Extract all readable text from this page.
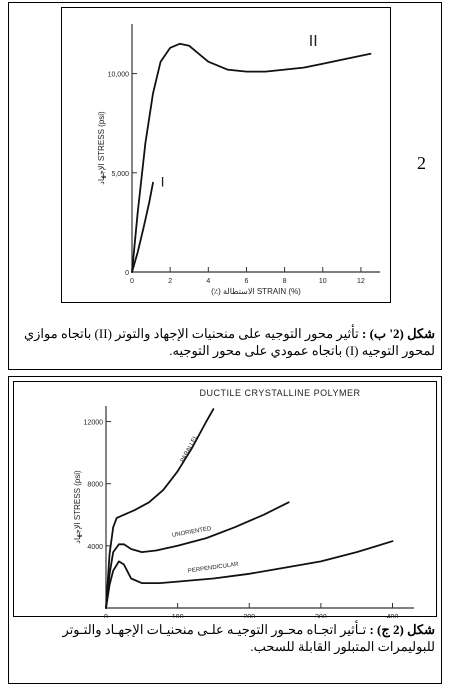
0	2	4	6	8	10	12
0
5,000
10,000
(٪) الاستطالة STRAIN (%)
الإجهاد STRESS (psi)
II
I
2
شكل (2' ب) : تأثير محور التوجيه على منحنيات الإجهاد والتوتر (II) باتجاه موازي لمحور التوجيه (I) باتجاه عمودي على محور التوجيه.
0	100	200	300	400
4000
8000
12000
الإجهاد STRESS (psi)
DUCTILE CRYSTALLINE POLYMER
PARALLEL
UNORIENTED
PERPENDICULAR
شكل (2 ج) : تـأثير اتجـاه محـور التوجيـه علـى منحنيـات الإجهـاد والتـوتر للبوليمرات المتبلور القابلة للسحب.
